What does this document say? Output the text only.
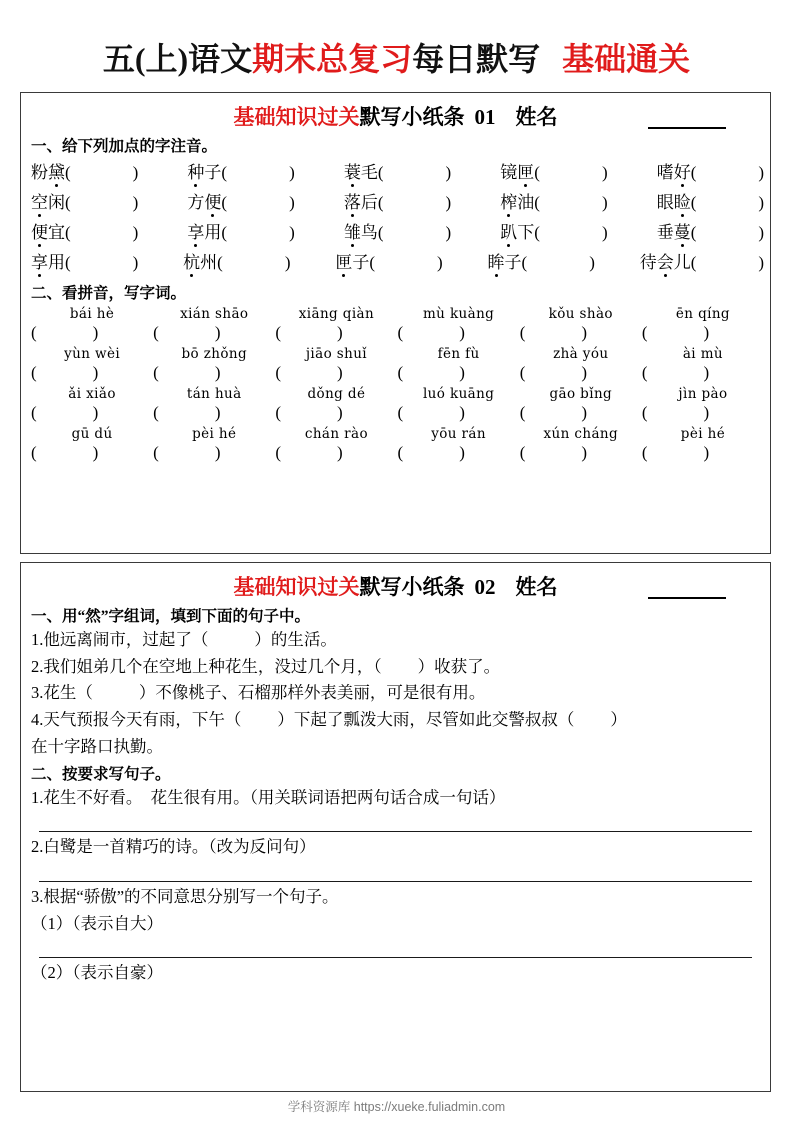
五(上)语文期末总复习每日默写 基础通关
基础知识过关默写小纸条 01 姓名
一、给下列加点的字注音。
粉 黛 (	)	种 子 (	)	蓑 毛 (	)	镜 匣 (	)	嗜 好 (	)
空 闲 (	)	方 便 (	)	落 后 (	)	榨 油 (	)	眼 睑 (	)
便 宜 (	)	享 用 (	)	雏 鸟 (	)	趴 下 (	)	垂 蔓 (	)
享 用 (	)	杭 州 (	)	匣 子 (	)	眸 子 (	)	待 会 儿 (	)
二、看拼音，写字词。
bái hè	xián shāo	xiāng qiàn	mù kuàng	kǒu shào	ēn qíng
(	)	(	)	(	)	(	)	(	)	(	)
yùn wèi	bō zhǒng	jiāo shuǐ	fēn fù	zhà yóu	ài mù
(	)	(	)	(	)	(	)	(	)	(	)
ǎi xiǎo	tán huà	dǒng dé	luó kuāng	gāo bǐng	jìn pào
(	)	(	)	(	)	(	)	(	)	(	)
gū dú	pèi hé	chán rào	yōu rán	xún cháng	pèi hé
(	)	(	)	(	)	(	)	(	)	(	)
基础知识过关默写小纸条 02 姓名
一、用“然”字组词，填到下面的句子中。
1.他远离闹市，过起了（	）的生活。
2.我们姐弟几个在空地上种花生，没过几个月，（ ）收获了。
3.花生（	）不像桃子、石榴那样外表美丽，可是很有用。
4.天气预报今天有雨，下午（ ）下起了瓢泼大雨，尽管如此交警叔叔（ ）
在十字路口执勤。
二、按要求写句子。
1.花生不好看。　花生很有用。（用关联词语把两句话合成一句话）
2.白鹭是一首精巧的诗。（改为反问句）
3.根据“骄傲”的不同意思分别写一个句子。
（1）（表示自大）
（2）（表示自豪）
学科资源库 https://xueke.fuliadmin.com
